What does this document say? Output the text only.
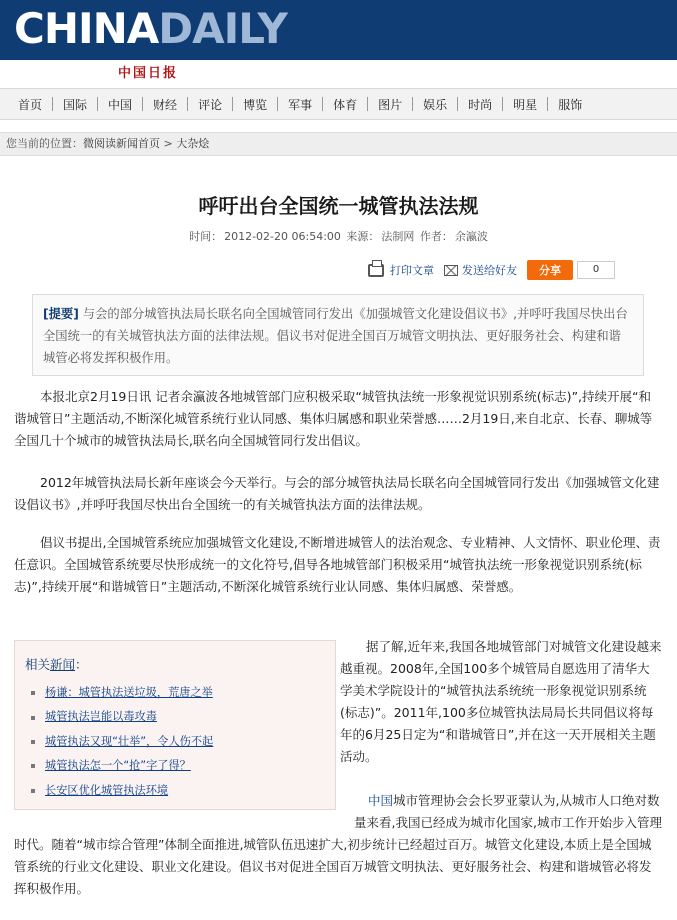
CHINADAILY
中国日报
首页	国际	中国	财经	评论	博览	军事	体育	图片	娱乐	时尚	明星	服饰
您当前的位置：微阅读新闻首页 > 大杂烩
呼吁出台全国统一城管执法法规
时间： 2012-02-20 06:54:00 来源： 法制网 作者： 余瀛波
打印文章	发送给好友	分享	0
[提要] 与会的部分城管执法局长联名向全国城管同行发出《加强城管文化建设倡议书》,并呼吁我国尽快出台全国统一的有关城管执法方面的法律法规。倡议书对促进全国百万城管文明执法、更好服务社会、构建和谐城管必将发挥积极作用。

本报北京2月19日讯 记者余瀛波各地城管部门应积极采取“城管执法统一形象视觉识别系统(标志)”,持续开展“和谐城管日”主题活动,不断深化城管系统行业认同感、集体归属感和职业荣誉感……2月19日,来自北京、长春、聊城等全国几十个城市的城管执法局长,联名向全国城管同行发出倡议。

2012年城管执法局长新年座谈会今天举行。与会的部分城管执法局长联名向全国城管同行发出《加强城管文化建设倡议书》,并呼吁我国尽快出台全国统一的有关城管执法方面的法律法规。

倡议书提出,全国城管系统应加强城管文化建设,不断增进城管人的法治观念、专业精神、人文情怀、职业伦理、责任意识。全国城管系统要尽快形成统一的文化符号,倡导各地城管部门积极采用“城管执法统一形象视觉识别系统(标志)”,持续开展“和谐城管日”主题活动,不断深化城管系统行业认同感、集体归属感、荣誉感。

相关新闻：
杨谦：城管执法送垃圾，荒唐之举
城管执法岂能以毒攻毒
城管执法又现“壮举”，令人伤不起
城管执法怎一个“抢”字了得？
长安区优化城管执法环境

据了解,近年来,我国各地城管部门对城管文化建设越来越重视。2008年,全国100多个城管局自愿选用了清华大学美术学院设计的“城管执法系统统一形象视觉识别系统(标志)”。2011年,100多位城管执法局局长共同倡议将每年的6月25日定为“和谐城管日”,并在这一天开展相关主题活动。

中国城市管理协会会长罗亚蒙认为,从城市人口绝对数量来看,我国已经成为城市化国家,城市工作开始步入管理时代。随着“城市综合管理”体制全面推进,城管队伍迅速扩大,初步统计已经超过百万。城管文化建设,本质上是全国城管系统的行业文化建设、职业文化建设。倡议书对促进全国百万城管文明执法、更好服务社会、构建和谐城管必将发挥积极作用。
